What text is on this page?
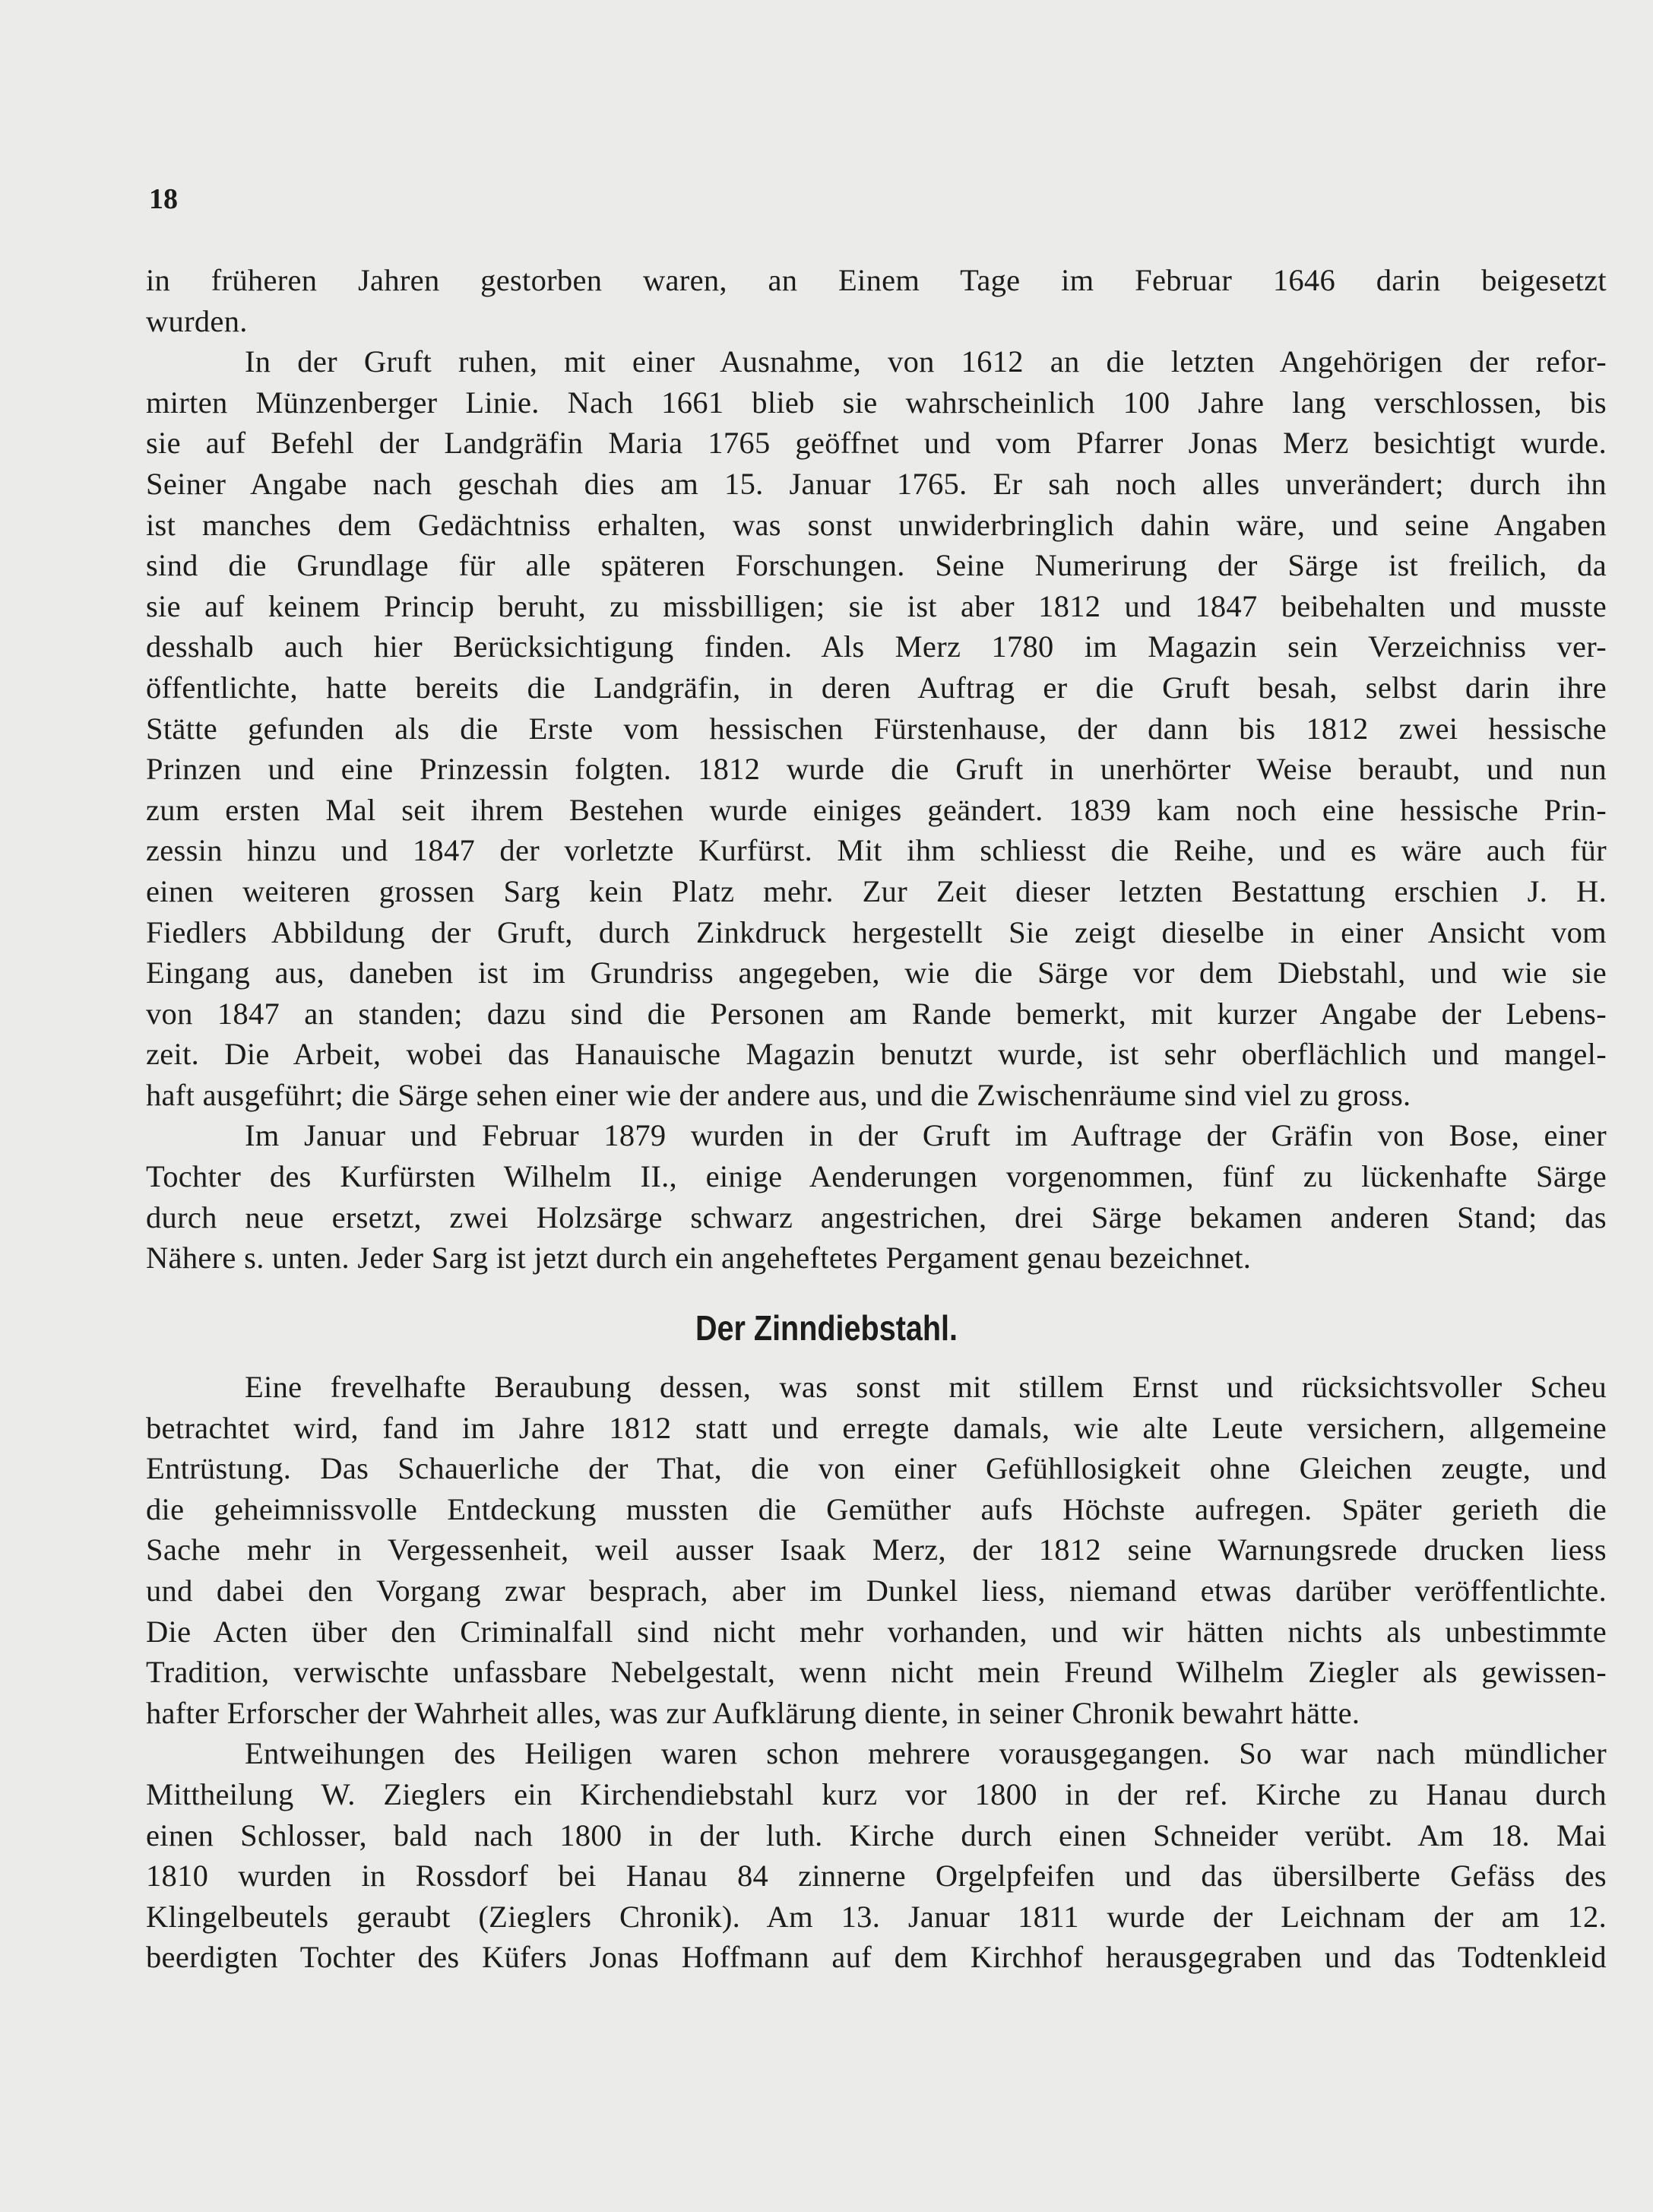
18
in früheren Jahren gestorben waren, an Einem Tage im Februar 1646 darin beigesetzt
wurden.
In der Gruft ruhen, mit einer Ausnahme, von 1612 an die letzten Angehörigen der refor-
mirten Münzenberger Linie. Nach 1661 blieb sie wahrscheinlich 100 Jahre lang verschlossen, bis
sie auf Befehl der Landgräfin Maria 1765 geöffnet und vom Pfarrer Jonas Merz besichtigt wurde.
Seiner Angabe nach geschah dies am 15. Januar 1765. Er sah noch alles unverändert; durch ihn
ist manches dem Gedächtniss erhalten, was sonst unwiderbringlich dahin wäre, und seine Angaben
sind die Grundlage für alle späteren Forschungen. Seine Numerirung der Särge ist freilich, da
sie auf keinem Princip beruht, zu missbilligen; sie ist aber 1812 und 1847 beibehalten und musste
desshalb auch hier Berücksichtigung finden. Als Merz 1780 im Magazin sein Verzeichniss ver-
öffentlichte, hatte bereits die Landgräfin, in deren Auftrag er die Gruft besah, selbst darin ihre
Stätte gefunden als die Erste vom hessischen Fürstenhause, der dann bis 1812 zwei hessische
Prinzen und eine Prinzessin folgten. 1812 wurde die Gruft in unerhörter Weise beraubt, und nun
zum ersten Mal seit ihrem Bestehen wurde einiges geändert. 1839 kam noch eine hessische Prin-
zessin hinzu und 1847 der vorletzte Kurfürst. Mit ihm schliesst die Reihe, und es wäre auch für
einen weiteren grossen Sarg kein Platz mehr. Zur Zeit dieser letzten Bestattung erschien J. H.
Fiedlers Abbildung der Gruft, durch Zinkdruck hergestellt Sie zeigt dieselbe in einer Ansicht vom
Eingang aus, daneben ist im Grundriss angegeben, wie die Särge vor dem Diebstahl, und wie sie
von 1847 an standen; dazu sind die Personen am Rande bemerkt, mit kurzer Angabe der Lebens-
zeit. Die Arbeit, wobei das Hanauische Magazin benutzt wurde, ist sehr oberflächlich und mangel-
haft ausgeführt; die Särge sehen einer wie der andere aus, und die Zwischenräume sind viel zu gross.
Im Januar und Februar 1879 wurden in der Gruft im Auftrage der Gräfin von Bose, einer
Tochter des Kurfürsten Wilhelm II., einige Aenderungen vorgenommen, fünf zu lückenhafte Särge
durch neue ersetzt, zwei Holzsärge schwarz angestrichen, drei Särge bekamen anderen Stand; das
Nähere s. unten. Jeder Sarg ist jetzt durch ein angeheftetes Pergament genau bezeichnet.
Der Zinndiebstahl.
Eine frevelhafte Beraubung dessen, was sonst mit stillem Ernst und rücksichtsvoller Scheu
betrachtet wird, fand im Jahre 1812 statt und erregte damals, wie alte Leute versichern, allgemeine
Entrüstung. Das Schauerliche der That, die von einer Gefühllosigkeit ohne Gleichen zeugte, und
die geheimnissvolle Entdeckung mussten die Gemüther aufs Höchste aufregen. Später gerieth die
Sache mehr in Vergessenheit, weil ausser Isaak Merz, der 1812 seine Warnungsrede drucken liess
und dabei den Vorgang zwar besprach, aber im Dunkel liess, niemand etwas darüber veröffentlichte.
Die Acten über den Criminalfall sind nicht mehr vorhanden, und wir hätten nichts als unbestimmte
Tradition, verwischte unfassbare Nebelgestalt, wenn nicht mein Freund Wilhelm Ziegler als gewissen-
hafter Erforscher der Wahrheit alles, was zur Aufklärung diente, in seiner Chronik bewahrt hätte.
Entweihungen des Heiligen waren schon mehrere vorausgegangen. So war nach mündlicher
Mittheilung W. Zieglers ein Kirchendiebstahl kurz vor 1800 in der ref. Kirche zu Hanau durch
einen Schlosser, bald nach 1800 in der luth. Kirche durch einen Schneider verübt. Am 18. Mai
1810 wurden in Rossdorf bei Hanau 84 zinnerne Orgelpfeifen und das übersilberte Gefäss des
Klingelbeutels geraubt (Zieglers Chronik). Am 13. Januar 1811 wurde der Leichnam der am 12.
beerdigten Tochter des Küfers Jonas Hoffmann auf dem Kirchhof herausgegraben und das Todtenkleid
